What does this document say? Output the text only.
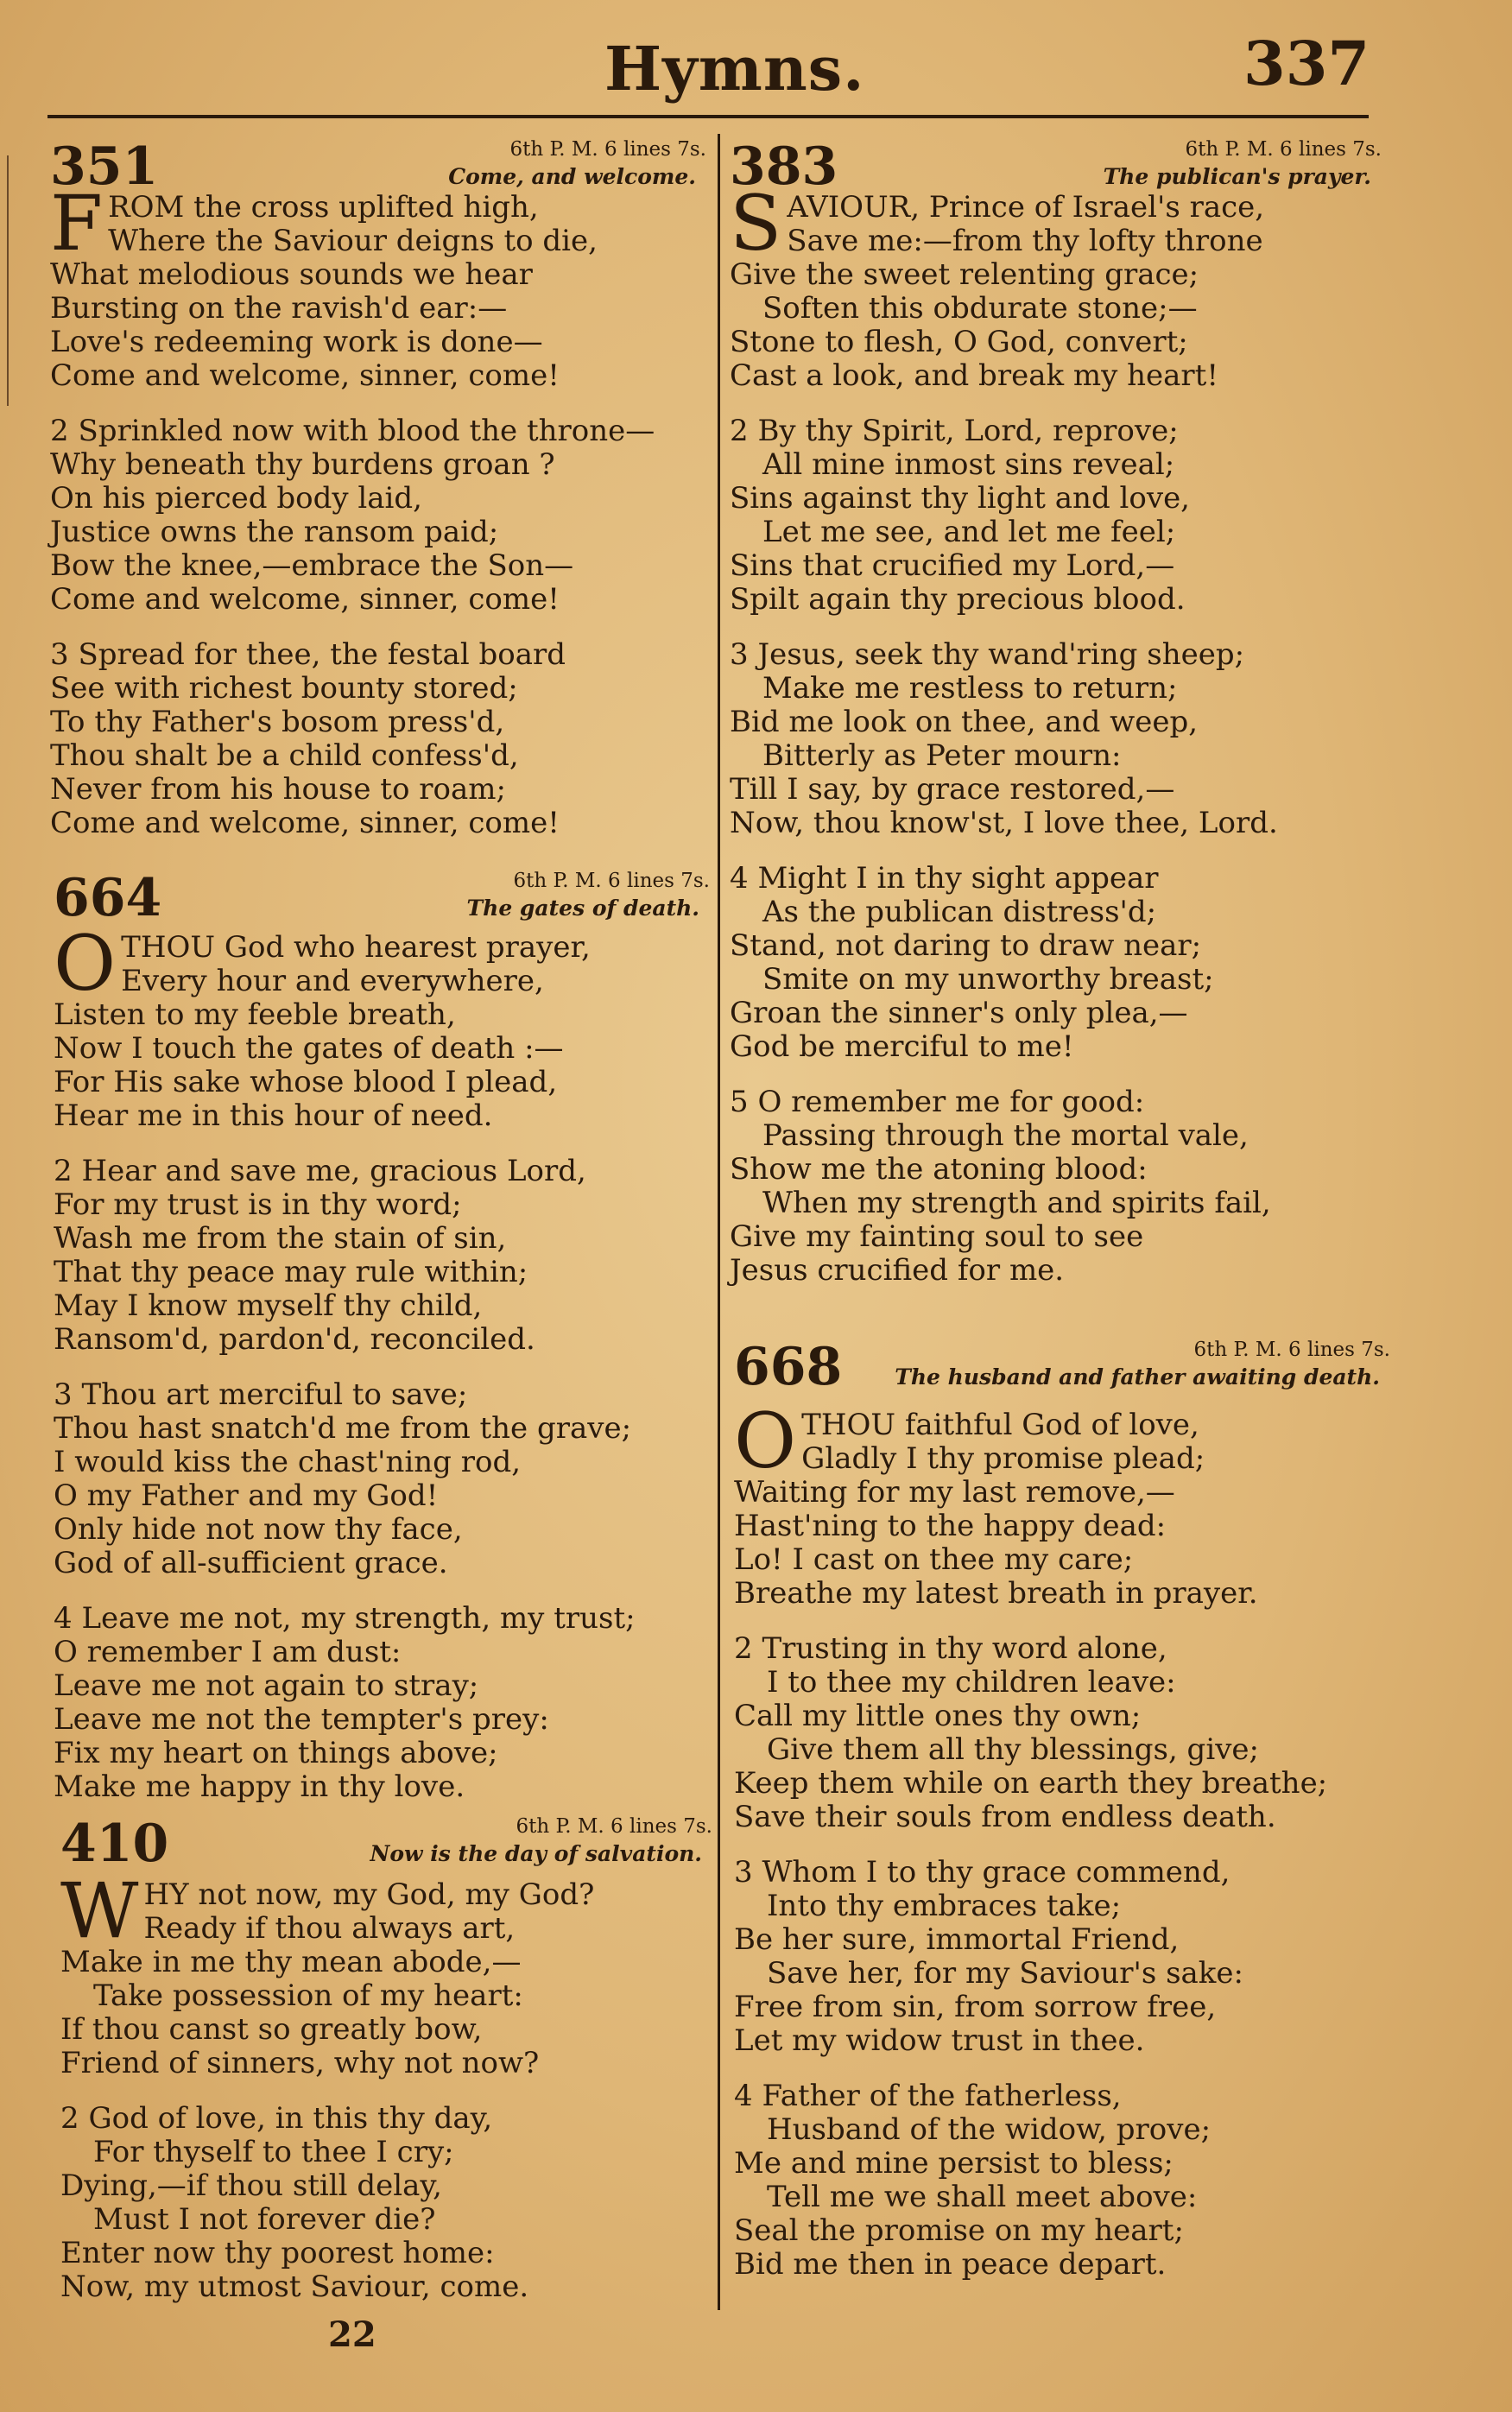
Hymns.	337
351	6th P. M. 6 lines 7s.
Come, and welcome.
F ROM the cross uplifted high,
Where the Saviour deigns to die,
What melodious sounds we hear
Bursting on the ravish'd ear:—
Love's redeeming work is done—
Come and welcome, sinner, come!
2 Sprinkled now with blood the throne—
Why beneath thy burdens groan ?
On his pierced body laid,
Justice owns the ransom paid;
Bow the knee,—embrace the Son—
Come and welcome, sinner, come!
3 Spread for thee, the festal board
See with richest bounty stored;
To thy Father's bosom press'd,
Thou shalt be a child confess'd,
Never from his house to roam;
Come and welcome, sinner, come!
664	6th P. M. 6 lines 7s.
The gates of death.
O THOU God who hearest prayer,
Every hour and everywhere,
Listen to my feeble breath,
Now I touch the gates of death :—
For His sake whose blood I plead,
Hear me in this hour of need.
2 Hear and save me, gracious Lord,
For my trust is in thy word;
Wash me from the stain of sin,
That thy peace may rule within;
May I know myself thy child,
Ransom'd, pardon'd, reconciled.
3 Thou art merciful to save;
Thou hast snatch'd me from the grave;
I would kiss the chast'ning rod,
O my Father and my God!
Only hide not now thy face,
God of all-sufficient grace.
4 Leave me not, my strength, my trust;
O remember I am dust:
Leave me not again to stray;
Leave me not the tempter's prey:
Fix my heart on things above;
Make me happy in thy love.
410	6th P. M. 6 lines 7s.
Now is the day of salvation.
W HY not now, my God, my God?
Ready if thou always art,
Make in me thy mean abode,—
Take possession of my heart:
If thou canst so greatly bow,
Friend of sinners, why not now?
2 God of love, in this thy day,
For thyself to thee I cry;
Dying,—if thou still delay,
Must I not forever die?
Enter now thy poorest home:
Now, my utmost Saviour, come.
383	6th P. M. 6 lines 7s.
The publican's prayer.
S AVIOUR, Prince of Israel's race,
Save me:—from thy lofty throne
Give the sweet relenting grace;
Soften this obdurate stone;—
Stone to flesh, O God, convert;
Cast a look, and break my heart!
2 By thy Spirit, Lord, reprove;
All mine inmost sins reveal;
Sins against thy light and love,
Let me see, and let me feel;
Sins that crucified my Lord,—
Spilt again thy precious blood.
3 Jesus, seek thy wand'ring sheep;
Make me restless to return;
Bid me look on thee, and weep,
Bitterly as Peter mourn:
Till I say, by grace restored,—
Now, thou know'st, I love thee, Lord.
4 Might I in thy sight appear
As the publican distress'd;
Stand, not daring to draw near;
Smite on my unworthy breast;
Groan the sinner's only plea,—
God be merciful to me!
5 O remember me for good:
Passing through the mortal vale,
Show me the atoning blood:
When my strength and spirits fail,
Give my fainting soul to see
Jesus crucified for me.
668	6th P. M. 6 lines 7s.
The husband and father awaiting death.
O THOU faithful God of love,
Gladly I thy promise plead;
Waiting for my last remove,—
Hast'ning to the happy dead:
Lo! I cast on thee my care;
Breathe my latest breath in prayer.
2 Trusting in thy word alone,
I to thee my children leave:
Call my little ones thy own;
Give them all thy blessings, give;
Keep them while on earth they breathe;
Save their souls from endless death.
3 Whom I to thy grace commend,
Into thy embraces take;
Be her sure, immortal Friend,
Save her, for my Saviour's sake:
Free from sin, from sorrow free,
Let my widow trust in thee.
4 Father of the fatherless,
Husband of the widow, prove;
Me and mine persist to bless;
Tell me we shall meet above:
Seal the promise on my heart;
Bid me then in peace depart.
22
